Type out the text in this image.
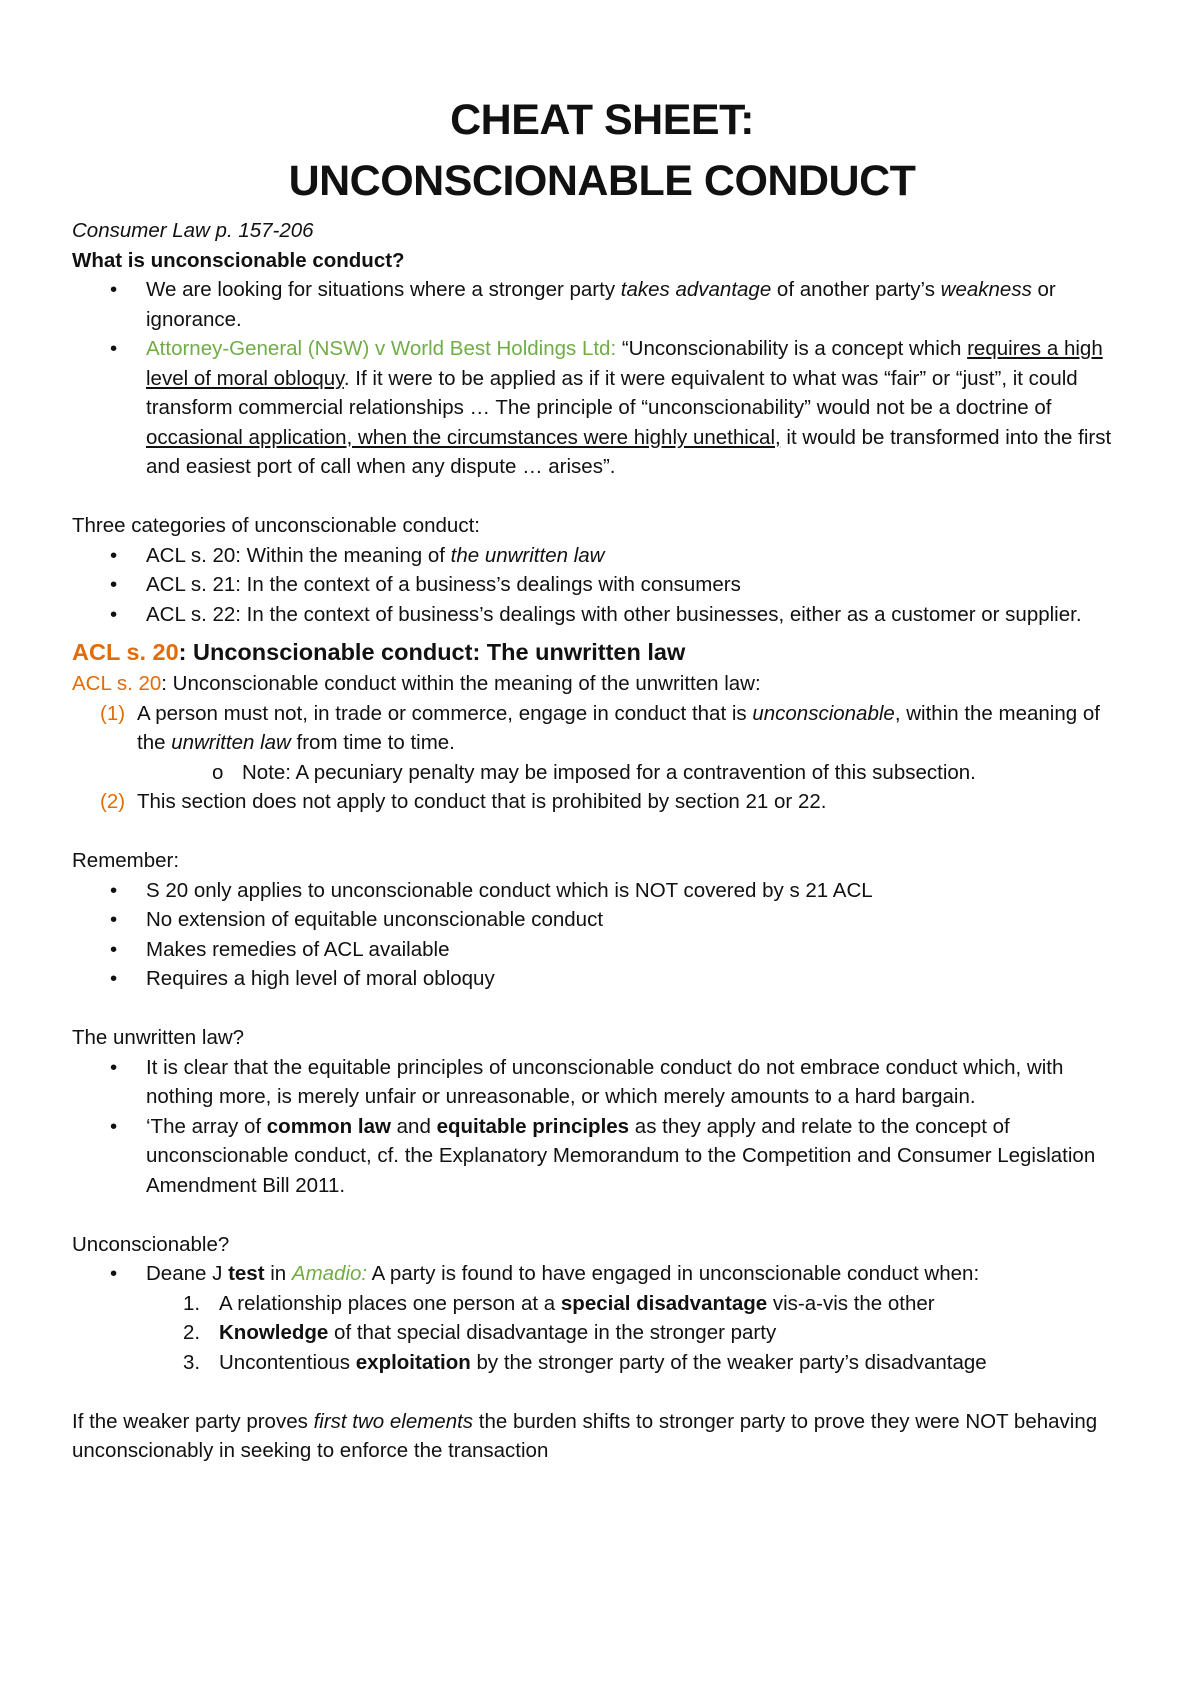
CHEAT SHEET:
UNCONSCIONABLE CONDUCT

Consumer Law p. 157-206

What is unconscionable conduct?

• We are looking for situations where a stronger party takes advantage of another party’s weakness or ignorance.
• Attorney-General (NSW) v World Best Holdings Ltd: “Unconscionability is a concept which requires a high level of moral obloquy. If it were to be applied as if it were equivalent to what was “fair” or “just”, it could transform commercial relationships … The principle of “unconscionability” would not be a doctrine of occasional application, when the circumstances were highly unethical, it would be transformed into the first and easiest port of call when any dispute … arises”.

Three categories of unconscionable conduct:

• ACL s. 20: Within the meaning of the unwritten law
• ACL s. 21: In the context of a business’s dealings with consumers
• ACL s. 22: In the context of business’s dealings with other businesses, either as a customer or supplier.
ACL s. 20: Unconscionable conduct: The unwritten law

ACL s. 20: Unconscionable conduct within the meaning of the unwritten law:

(1) A person must not, in trade or commerce, engage in conduct that is unconscionable, within the meaning of the unwritten law from time to time.
o Note: A pecuniary penalty may be imposed for a contravention of this subsection.
(2) This section does not apply to conduct that is prohibited by section 21 or 22.

Remember:

• S 20 only applies to unconscionable conduct which is NOT covered by s 21 ACL
• No extension of equitable unconscionable conduct
• Makes remedies of ACL available
• Requires a high level of moral obloquy

The unwritten law?

• It is clear that the equitable principles of unconscionable conduct do not embrace conduct which, with nothing more, is merely unfair or unreasonable, or which merely amounts to a hard bargain.
• ‘The array of common law and equitable principles as they apply and relate to the concept of unconscionable conduct, cf. the Explanatory Memorandum to the Competition and Consumer Legislation Amendment Bill 2011.

Unconscionable?

• Deane J test in Amadio: A party is found to have engaged in unconscionable conduct when:
1. A relationship places one person at a special disadvantage vis-a-vis the other
2. Knowledge of that special disadvantage in the stronger party
3. Uncontentious exploitation by the stronger party of the weaker party’s disadvantage

If the weaker party proves first two elements the burden shifts to stronger party to prove they were NOT behaving unconscionably in seeking to enforce the transaction
